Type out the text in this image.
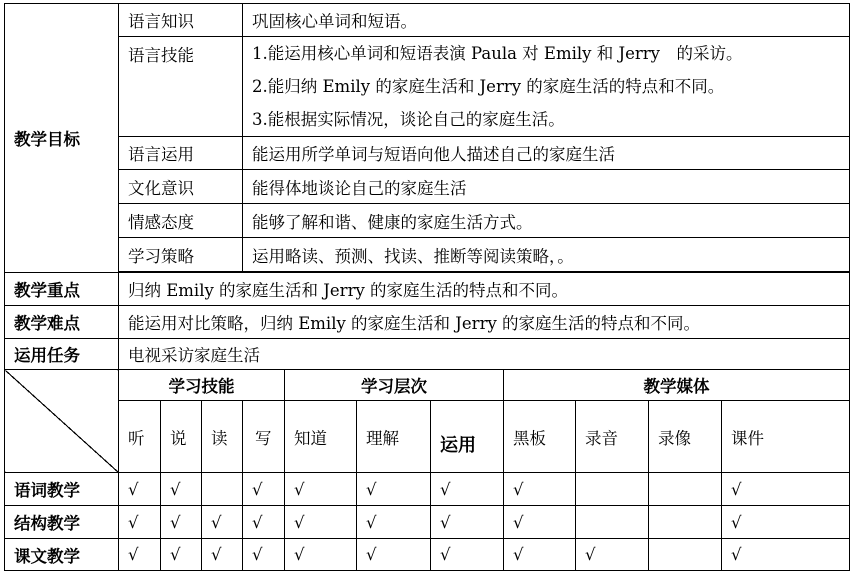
教学目标	语言知识			巩固核心单词和短语。							
	语言技能			1.能运用核心单词和短语表演 Paula 对 Emily 和 Jerry　的采访。
2.能归纳 Emily 的家庭生活和 Jerry 的家庭生活的特点和不同。
3.能根据实际情况，谈论自己的家庭生活。							

	语言运用			能运用所学单词与短语向他人描述自己的家庭生活							
	文化意识			能得体地谈论自己的家庭生活							
	情感态度			能够了解和谐、健康的家庭生活方式。							
	学习策略			运用略读、预测、找读、推断等阅读策略，。							

教学重点	归纳 Emily 的家庭生活和 Jerry 的家庭生活的特点和不同。										
教学难点	能运用对比策略，归纳 Emily 的家庭生活和 Jerry 的家庭生活的特点和不同。										
运用任务	电视采访家庭生活										
	学习技能				学习层次			教学媒体			
	听	说	读	写	知道	理解	运用	黑板	录音	录像	课件
语词教学	√	√		√	√	√	√	√			√
结构教学	√	√	√	√	√	√	√	√			√
课文教学	√	√	√	√	√	√	√	√	√		√
